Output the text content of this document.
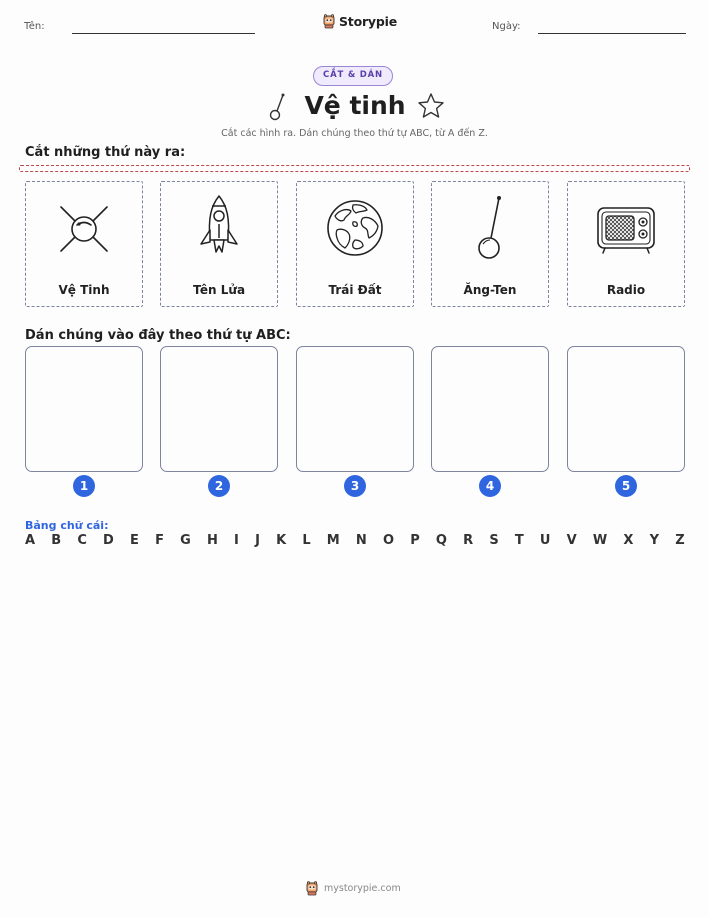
Tên:	Storypie	Ngày:
CẮT & DÁN
Vệ tinh
Cắt các hình ra. Dán chúng theo thứ tự ABC, từ A đến Z.
Cắt những thứ này ra:
Vệ Tinh	Tên Lửa	Trái Đất	Ăng-Ten	Radio
Dán chúng vào đây theo thứ tự ABC:
1	2	3	4	5
Bảng chữ cái:
A B C D E F G H I J K L M N O P Q R S T U V W X Y Z
mystorypie.com
